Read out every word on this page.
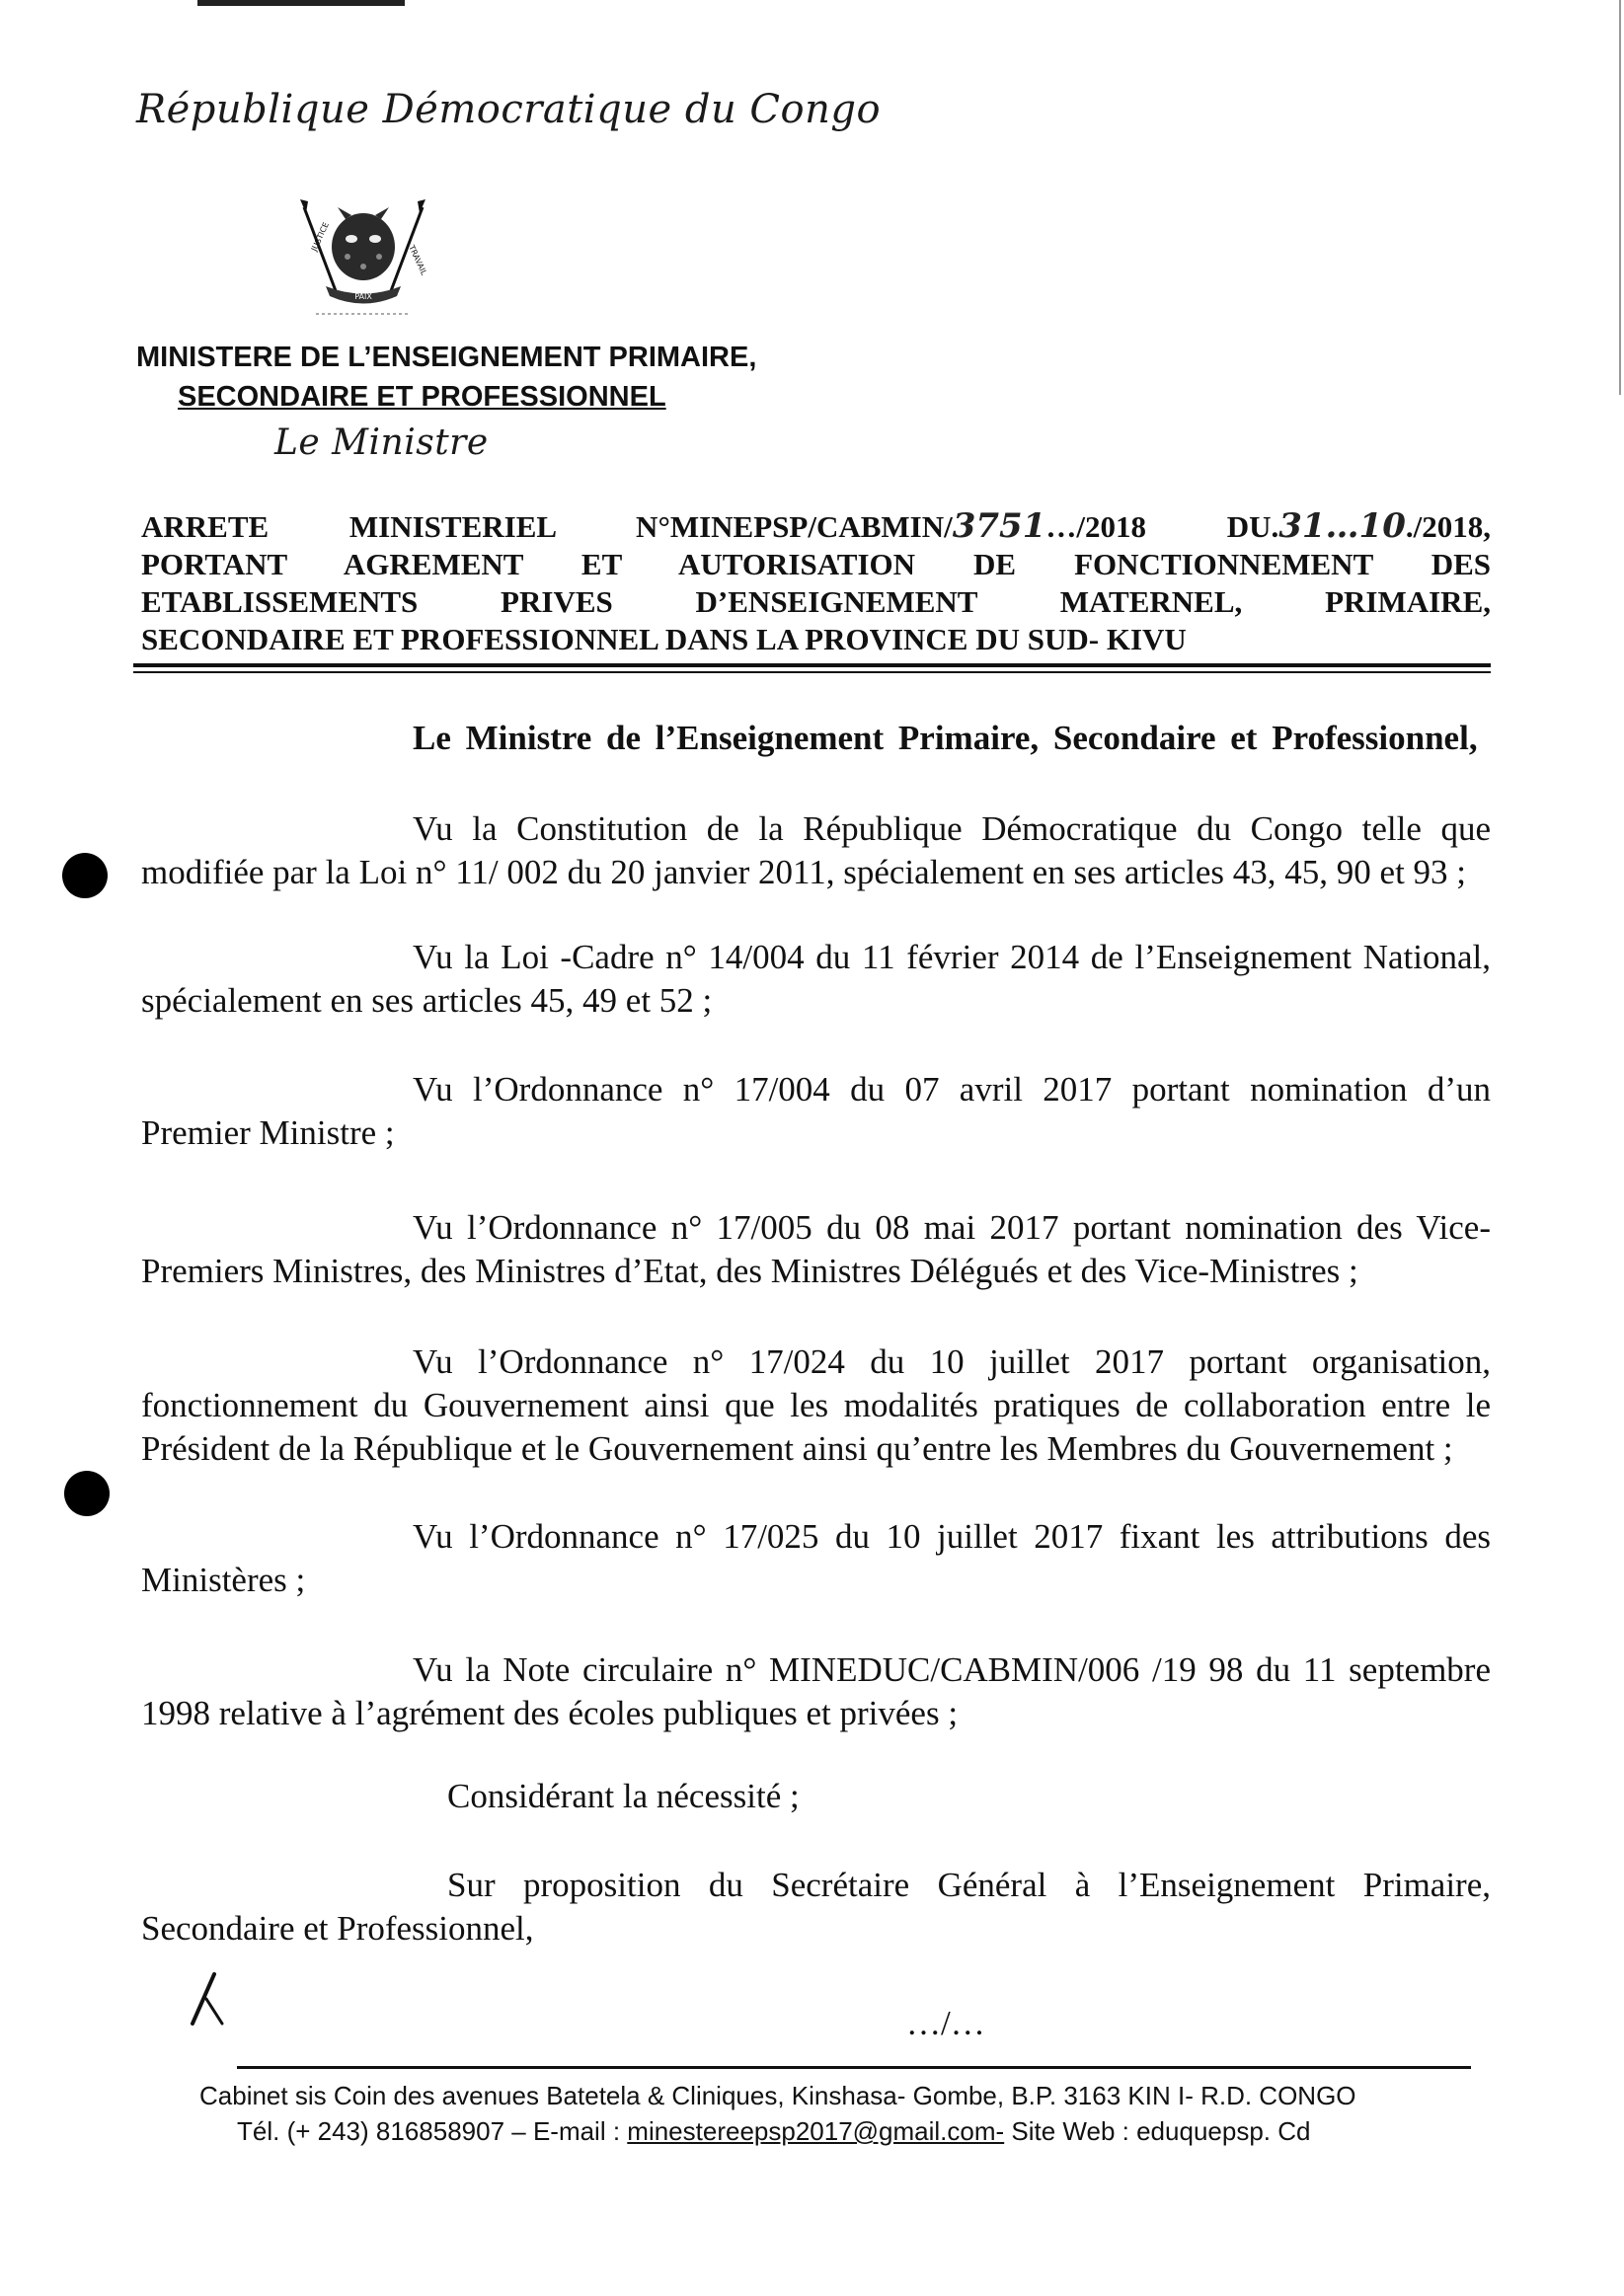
République Démocratique du Congo
PAIX
JUSTICE
TRAVAIL
MINISTERE DE L’ENSEIGNEMENT PRIMAIRE,
SECONDAIRE ET PROFESSIONNEL
Le Ministre
ARRETE MINISTERIEL N°MINEPSP/CABMIN/3751…/2018	DU.31…10./2018,
PORTANT AGREMENT ET AUTORISATION DE FONCTIONNEMENT DES
ETABLISSEMENTS PRIVES D’ENSEIGNEMENT MATERNEL, PRIMAIRE,
SECONDAIRE ET PROFESSIONNEL DANS LA PROVINCE DU SUD- KIVU
Le Ministre de l’Enseignement Primaire, Secondaire et Professionnel,
Vu la Constitution de la République Démocratique du Congo telle que modifiée par la Loi n° 11/ 002 du 20 janvier 2011, spécialement en ses articles 43, 45, 90 et 93 ;
Vu la Loi -Cadre n° 14/004 du 11 février 2014 de l’Enseignement National, spécialement en ses articles 45, 49 et 52 ;
Vu l’Ordonnance n° 17/004 du 07 avril 2017 portant nomination d’un Premier Ministre ;
Vu l’Ordonnance n° 17/005 du 08 mai 2017 portant nomination des Vice-Premiers Ministres, des Ministres d’Etat, des Ministres Délégués et des Vice-Ministres ;
Vu l’Ordonnance n° 17/024 du 10 juillet 2017 portant organisation, fonctionnement du Gouvernement ainsi que les modalités pratiques de collaboration entre le Président de la République et le Gouvernement ainsi qu’entre les Membres du Gouvernement ;
Vu l’Ordonnance n° 17/025 du 10 juillet 2017 fixant les attributions des Ministères ;
Vu la Note circulaire n° MINEDUC/CABMIN/006 /19 98 du 11 septembre 1998 relative à l’agrément des écoles publiques et privées ;
Considérant la nécessité ;
Sur proposition du Secrétaire Général à l’Enseignement Primaire, Secondaire et Professionnel,
…/…
Cabinet sis Coin des avenues Batetela & Cliniques, Kinshasa- Gombe, B.P. 3163 KIN I- R.D. CONGO
Tél. (+ 243) 816858907 – E-mail : minestereepsp2017@gmail.com- Site Web : eduquepsp. Cd
